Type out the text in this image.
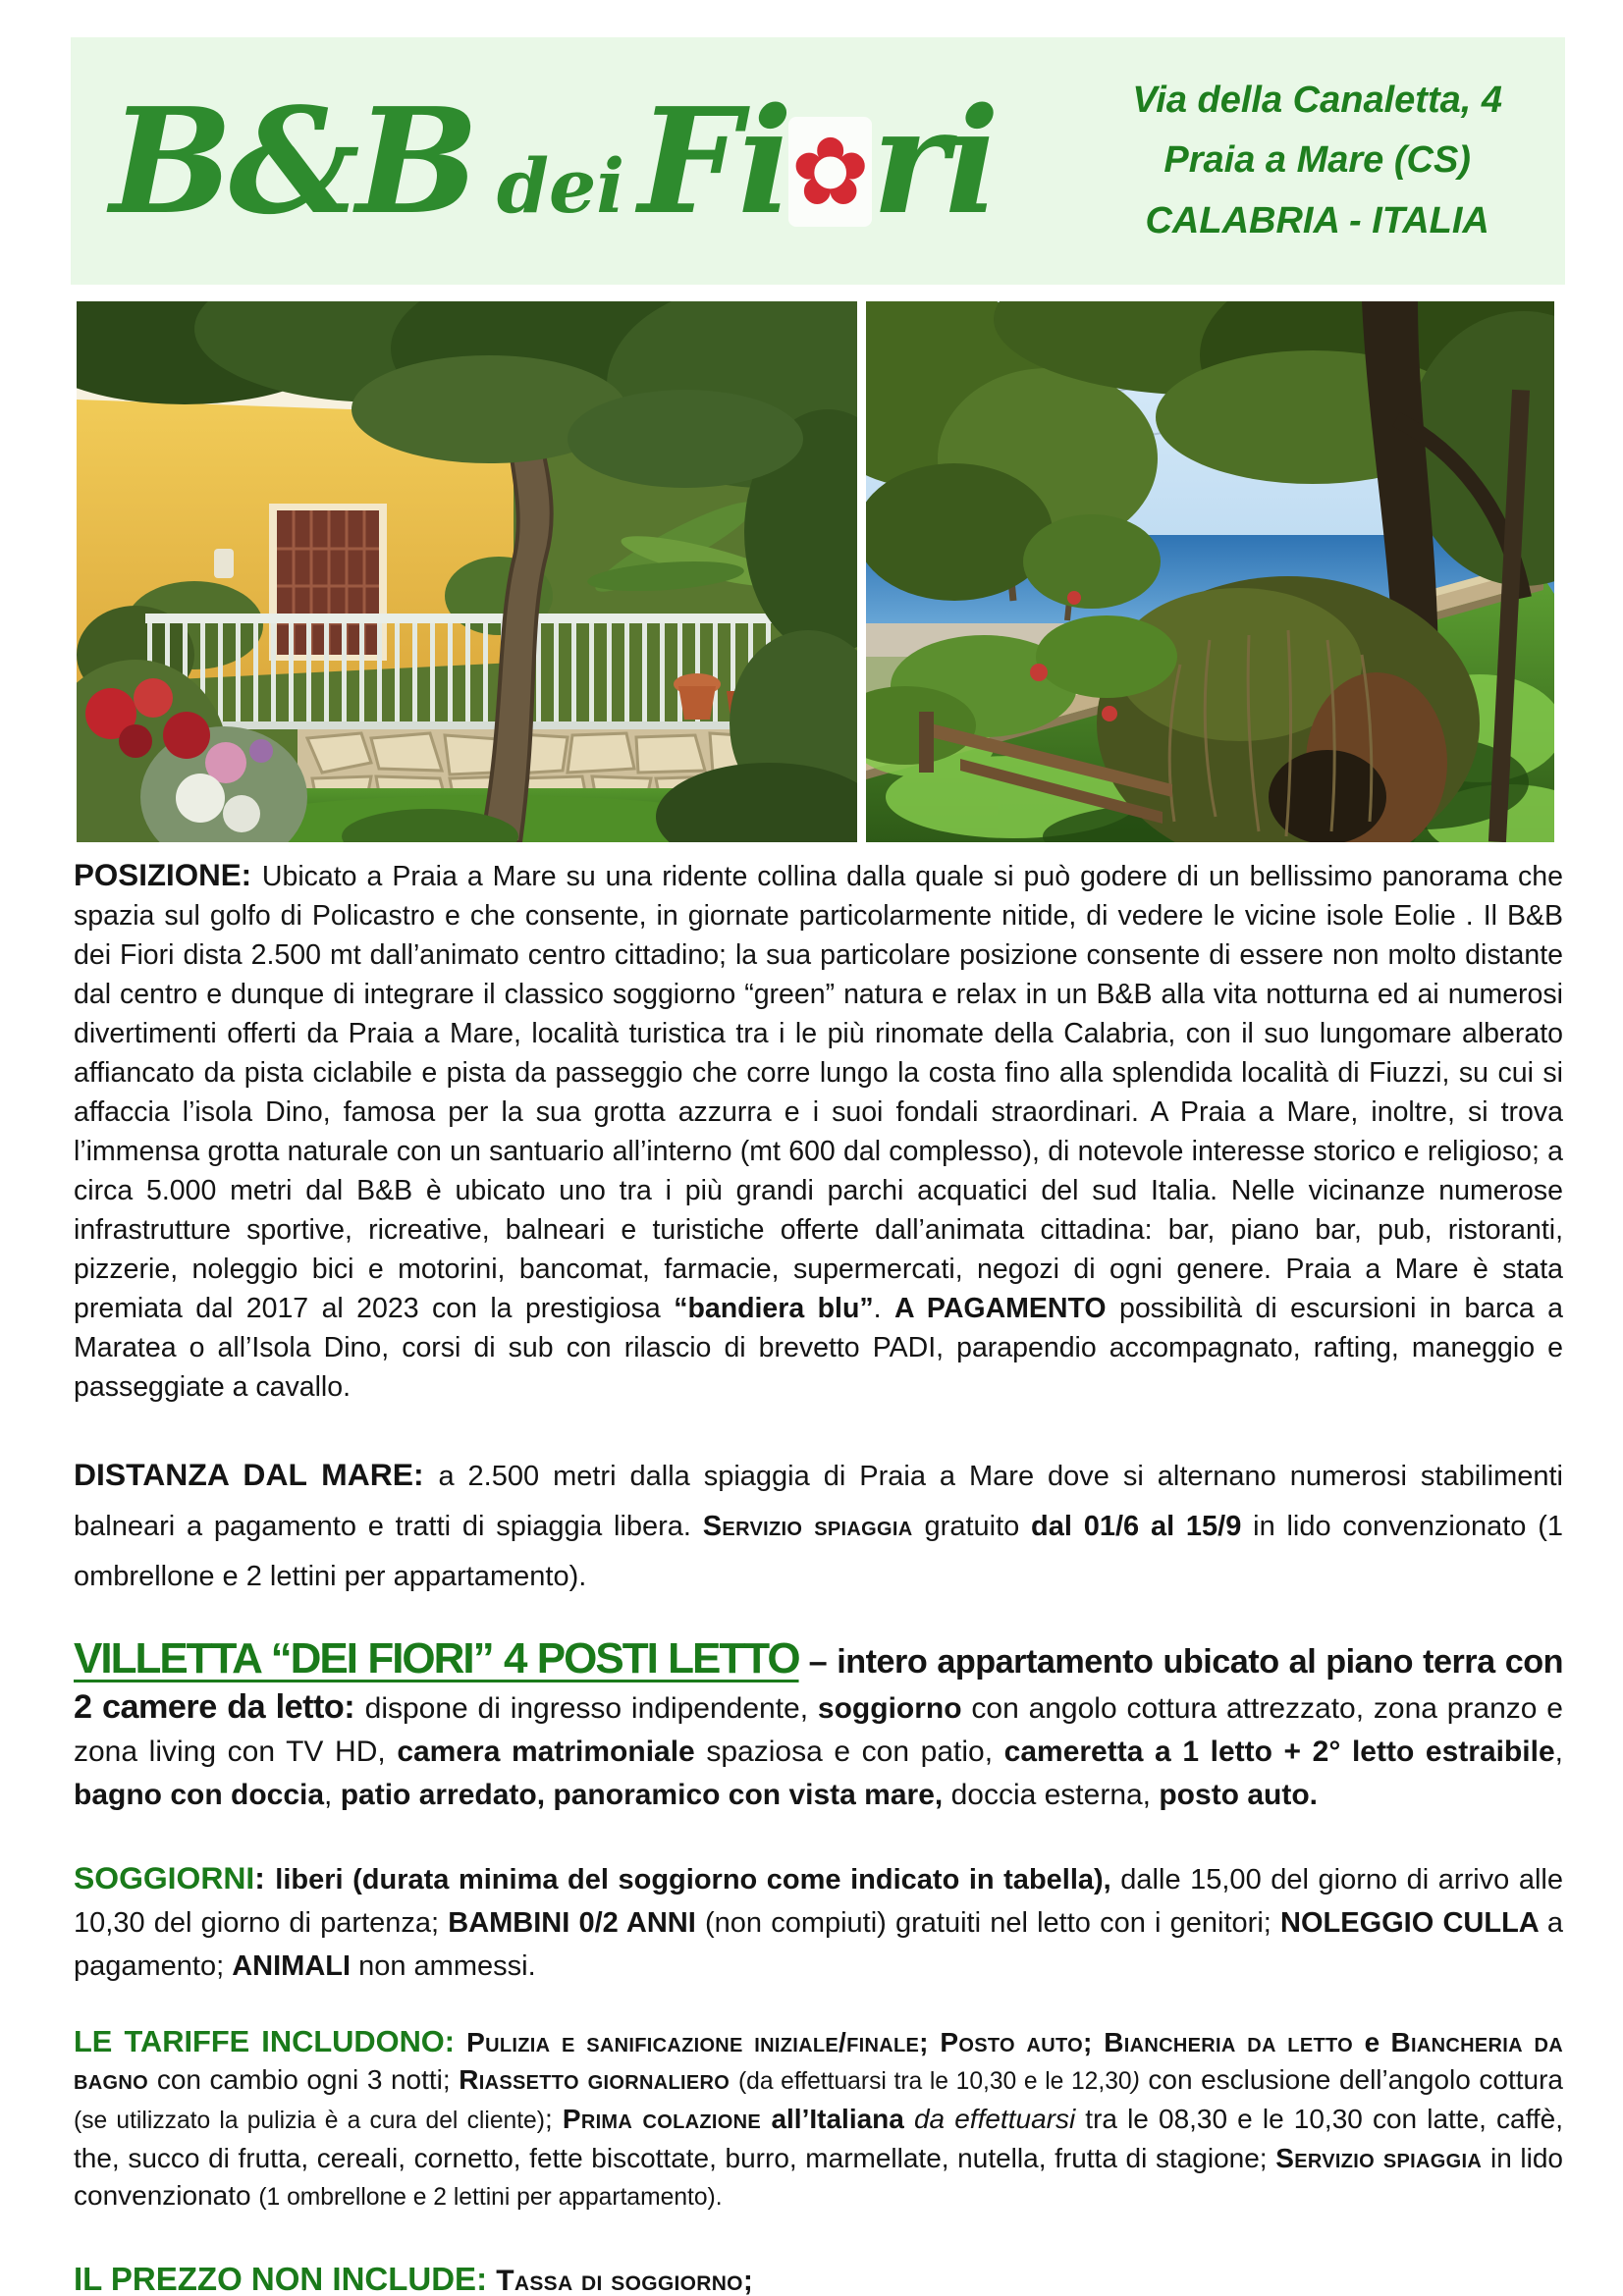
B&B deiFi✿ri	Via della Canaletta, 4
Praia a Mare (CS)
CALABRIA - ITALIA

POSIZIONE: Ubicato a Praia a Mare su una ridente collina dalla quale si può godere di un bellissimo panorama che spazia sul golfo di Policastro e che consente, in giornate particolarmente nitide, di vedere le vicine isole Eolie . Il B&B dei Fiori dista 2.500 mt dall’animato centro cittadino; la sua particolare posizione consente di essere non molto distante dal centro e dunque di integrare il classico soggiorno “green” natura e relax in un B&B alla vita notturna ed ai numerosi divertimenti offerti da Praia a Mare, località turistica tra i le più rinomate della Calabria, con il suo lungomare alberato affiancato da pista ciclabile e pista da passeggio che corre lungo la costa fino alla splendida località di Fiuzzi, su cui si affaccia l’isola Dino, famosa per la sua grotta azzurra e i suoi fondali straordinari. A Praia a Mare, inoltre, si trova l’immensa grotta naturale con un santuario all’interno (mt 600 dal complesso), di notevole interesse storico e religioso; a circa 5.000 metri dal B&B è ubicato uno tra i più grandi parchi acquatici del sud Italia. Nelle vicinanze numerose infrastrutture sportive, ricreative, balneari e turistiche offerte dall’animata cittadina: bar, piano bar, pub, ristoranti, pizzerie, noleggio bici e motorini, bancomat, farmacie, supermercati, negozi di ogni genere. Praia a Mare è stata premiata dal 2017 al 2023 con la prestigiosa “bandiera blu”. A PAGAMENTO possibilità di escursioni in barca a Maratea o all’Isola Dino, corsi di sub con rilascio di brevetto PADI, parapendio accompagnato, rafting, maneggio e passeggiate a cavallo.

DISTANZA DAL MARE: a 2.500 metri dalla spiaggia di Praia a Mare dove si alternano numerosi stabilimenti balneari a pagamento e tratti di spiaggia libera. Servizio spiaggia gratuito dal 01/6 al 15/9 in lido convenzionato (1 ombrellone e 2 lettini per appartamento).

VILLETTA “DEI FIORI” 4 POSTI LETTO – intero appartamento ubicato al piano terra con 2 camere da letto: dispone di ingresso indipendente, soggiorno con angolo cottura attrezzato, zona pranzo e zona living con TV HD, camera matrimoniale spaziosa e con patio, cameretta a 1 letto + 2° letto estraibile, bagno con doccia, patio arredato, panoramico con vista mare, doccia esterna, posto auto.

SOGGIORNI: liberi (durata minima del soggiorno come indicato in tabella), dalle 15,00 del giorno di arrivo alle 10,30 del giorno di partenza; BAMBINI 0/2 ANNI (non compiuti) gratuiti nel letto con i genitori; NOLEGGIO CULLA a pagamento; ANIMALI non ammessi.

LE TARIFFE INCLUDONO: Pulizia e sanificazione iniziale/finale; Posto auto; Biancheria da letto e Biancheria da bagno con cambio ogni 3 notti; Riassetto giornaliero (da effettuarsi tra le 10,30 e le 12,30) con esclusione dell’angolo cottura (se utilizzato la pulizia è a cura del cliente); Prima colazione all’Italiana da effettuarsi tra le 08,30 e le 10,30 con latte, caffè, the, succo di frutta, cereali, cornetto, fette biscottate, burro, marmellate, nutella, frutta di stagione; Servizio spiaggia in lido convenzionato (1 ombrellone e 2 lettini per appartamento).

IL PREZZO NON INCLUDE: Tassa di soggiorno;
